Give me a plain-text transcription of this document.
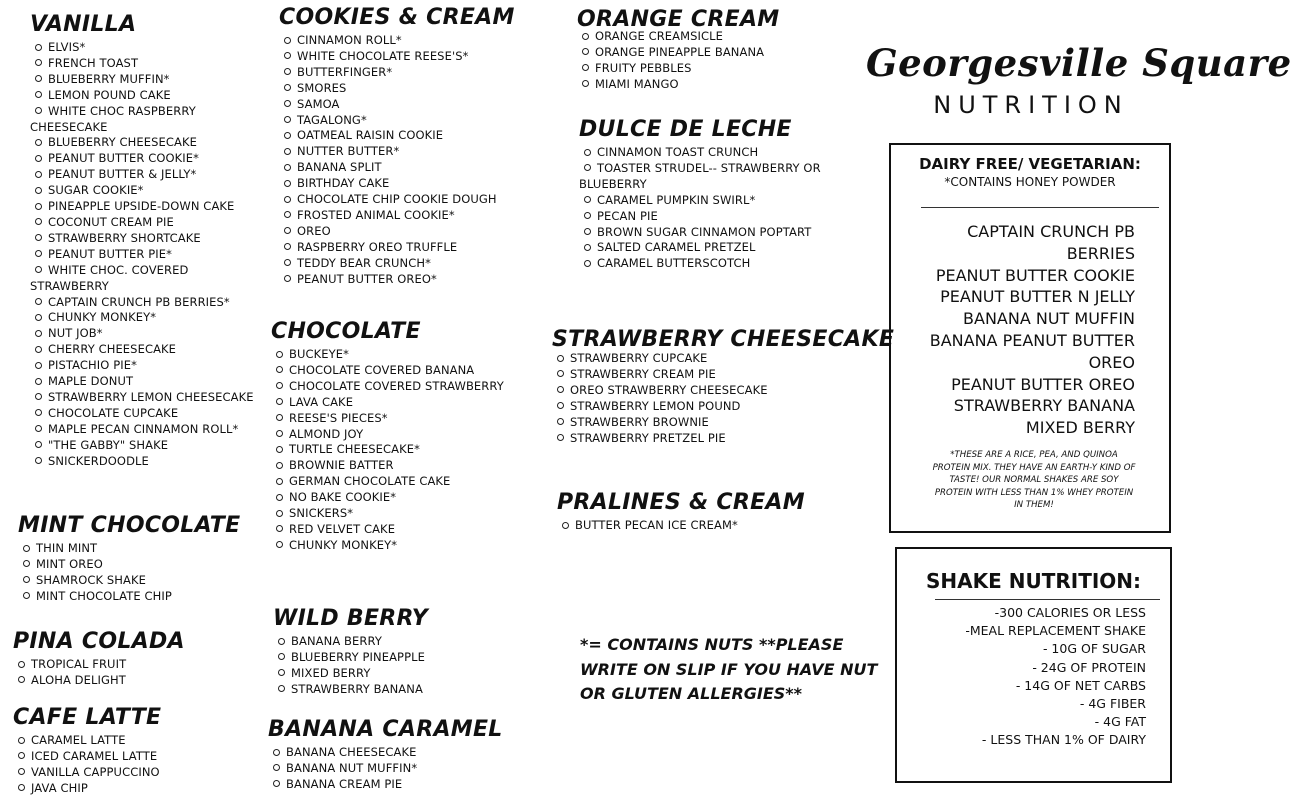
VANILLA
ELVIS*
FRENCH TOAST
BLUEBERRY MUFFIN*
LEMON POUND CAKE
WHITE CHOC RASPBERRY CHEESECAKE
BLUEBERRY CHEESECAKE
PEANUT BUTTER COOKIE*
PEANUT BUTTER & JELLY*
SUGAR COOKIE*
PINEAPPLE UPSIDE-DOWN CAKE
COCONUT CREAM PIE
STRAWBERRY SHORTCAKE
PEANUT BUTTER PIE*
WHITE CHOC. COVERED STRAWBERRY
CAPTAIN CRUNCH PB BERRIES*
CHUNKY MONKEY*
NUT JOB*
CHERRY CHEESECAKE
PISTACHIO PIE*
MAPLE DONUT
STRAWBERRY LEMON CHEESECAKE
CHOCOLATE CUPCAKE
MAPLE PECAN CINNAMON ROLL*
"THE GABBY" SHAKE
SNICKERDOODLE
MINT CHOCOLATE
THIN MINT
MINT OREO
SHAMROCK SHAKE
MINT CHOCOLATE CHIP
PINA COLADA
TROPICAL FRUIT
ALOHA DELIGHT
CAFE LATTE
CARAMEL LATTE
ICED CARAMEL LATTE
VANILLA CAPPUCCINO
JAVA CHIP
COOKIES & CREAM
CINNAMON ROLL*
WHITE CHOCOLATE REESE'S*
BUTTERFINGER*
SMORES
SAMOA
TAGALONG*
OATMEAL RAISIN COOKIE
NUTTER BUTTER*
BANANA SPLIT
BIRTHDAY CAKE
CHOCOLATE CHIP COOKIE DOUGH
FROSTED ANIMAL COOKIE*
OREO
RASPBERRY OREO TRUFFLE
TEDDY BEAR CRUNCH*
PEANUT BUTTER OREO*
CHOCOLATE
BUCKEYE*
CHOCOLATE COVERED BANANA
CHOCOLATE COVERED STRAWBERRY
LAVA CAKE
REESE'S PIECES*
ALMOND JOY
TURTLE CHEESECAKE*
BROWNIE BATTER
GERMAN CHOCOLATE CAKE
NO BAKE COOKIE*
SNICKERS*
RED VELVET CAKE
CHUNKY MONKEY*
WILD BERRY
BANANA BERRY
BLUEBERRY PINEAPPLE
MIXED BERRY
STRAWBERRY BANANA
BANANA CARAMEL
BANANA CHEESECAKE
BANANA NUT MUFFIN*
BANANA CREAM PIE
ORANGE CREAM
ORANGE CREAMSICLE
ORANGE PINEAPPLE BANANA
FRUITY PEBBLES
MIAMI MANGO
DULCE DE LECHE
CINNAMON TOAST CRUNCH
TOASTER STRUDEL-- STRAWBERRY OR BLUEBERRY
CARAMEL PUMPKIN SWIRL*
PECAN PIE
BROWN SUGAR CINNAMON POPTART
SALTED CARAMEL PRETZEL
CARAMEL BUTTERSCOTCH
STRAWBERRY CHEESECAKE
STRAWBERRY CUPCAKE
STRAWBERRY CREAM PIE
OREO STRAWBERRY CHEESECAKE
STRAWBERRY LEMON POUND
STRAWBERRY BROWNIE
STRAWBERRY PRETZEL PIE
PRALINES & CREAM
BUTTER PECAN ICE CREAM*
*= CONTAINS NUTS **PLEASE WRITE ON SLIP IF YOU HAVE NUT OR GLUTEN ALLERGIES**
Georgesville Square
NUTRITION
DAIRY FREE/ VEGETARIAN:
*CONTAINS HONEY POWDER
CAPTAIN CRUNCH PB BERRIES
PEANUT BUTTER COOKIE
PEANUT BUTTER N JELLY
BANANA NUT MUFFIN
BANANA PEANUT BUTTER OREO
PEANUT BUTTER OREO
STRAWBERRY BANANA
MIXED BERRY
*THESE ARE A RICE, PEA, AND QUINOA PROTEIN MIX. THEY HAVE AN EARTH-Y KIND OF TASTE! OUR NORMAL SHAKES ARE SOY PROTEIN WITH LESS THAN 1% WHEY PROTEIN IN THEM!
SHAKE NUTRITION:
-300 CALORIES OR LESS
-MEAL REPLACEMENT SHAKE
- 10G OF SUGAR
- 24G OF PROTEIN
- 14G OF NET CARBS
- 4G FIBER
- 4G FAT
- LESS THAN 1% OF DAIRY
